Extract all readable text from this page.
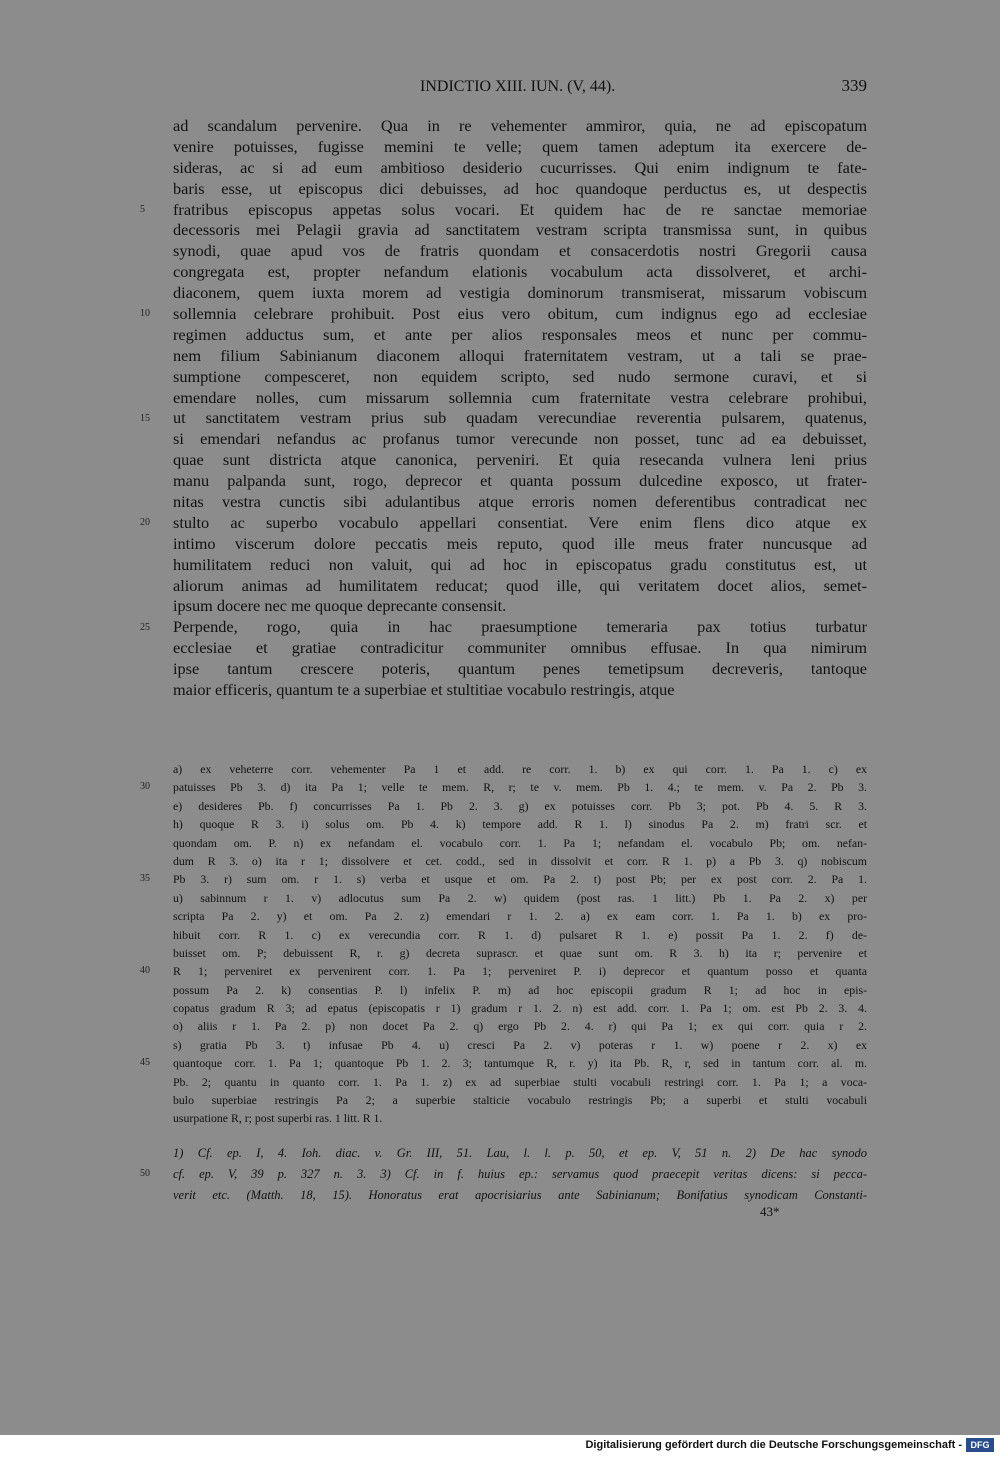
INDICTIO XIII. IUN. (V, 44).	339
ad scandalum pervenire. Qua in re vehementer ammiror, quia, ne ad episcopatum
venire potuisses, fugisse memini te velle; quem tamen adeptum ita exercere de-
sideras, ac si ad eum ambitioso desiderio cucurrisses. Qui enim indignum te fate-
baris esse, ut episcopus dici debuisses, ad hoc quandoque perductus es, ut despectis
fratribus episcopus appetas solus vocari. Et quidem hac de re sanctae memoriae
decessoris mei Pelagii gravia ad sanctitatem vestram scripta transmissa sunt, in quibus
synodi, quae apud vos de fratris quondam et consacerdotis nostri Gregorii causa
congregata est, propter nefandum elationis vocabulum acta dissolveret, et archi-
diaconem, quem iuxta morem ad vestigia dominorum transmiserat, missarum vobiscum
sollemnia celebrare prohibuit. Post eius vero obitum, cum indignus ego ad ecclesiae
regimen adductus sum, et ante per alios responsales meos et nunc per commu-
nem filium Sabinianum diaconem alloqui fraternitatem vestram, ut a tali se prae-
sumptione compesceret, non equidem scripto, sed nudo sermone curavi, et si
emendare nolles, cum missarum sollemnia cum fraternitate vestra celebrare prohibui,
ut sanctitatem vestram prius sub quadam verecundiae reverentia pulsarem, quatenus,
si emendari nefandus ac profanus tumor verecunde non posset, tunc ad ea debuisset,
quae sunt districta atque canonica, perveniri. Et quia resecanda vulnera leni prius
manu palpanda sunt, rogo, deprecor et quanta possum dulcedine exposco, ut frater-
nitas vestra cunctis sibi adulantibus atque erroris nomen deferentibus contradicat nec
stulto ac superbo vocabulo appellari consentiat. Vere enim flens dico atque ex
intimo viscerum dolore peccatis meis reputo, quod ille meus frater nuncusque ad
humilitatem reduci non valuit, qui ad hoc in episcopatus gradu constitutus est, ut
aliorum animas ad humilitatem reducat; quod ille, qui veritatem docet alios, semet-
ipsum docere nec me quoque deprecante consensit.
Perpende, rogo, quia in hac praesumptione temeraria pax totius turbatur
ecclesiae et gratiae contradicitur communiter omnibus effusae. In qua nimirum
ipse tantum crescere poteris, quantum penes temetipsum decreveris, tantoque
maior efficeris, quantum te a superbiae et stultitiae vocabulo restringis, atque
5
10
15
20
25
a) ex veheterre corr. vehementer Pa 1 et add. re corr. 1. b) ex qui corr. 1. Pa 1. c) ex
patuisses Pb 3. d) ita Pa 1; velle te mem. R, r; te v. mem. Pb 1. 4.; te mem. v. Pa 2. Pb 3.
e) desideres Pb. f) concurrisses Pa 1. Pb 2. 3. g) ex potuisses corr. Pb 3; pot. Pb 4. 5. R 3.
h) quoque R 3. i) solus om. Pb 4. k) tempore add. R 1. l) sinodus Pa 2. m) fratri scr. et
quondam om. P. n) ex nefandam el. vocabulo corr. 1. Pa 1; nefandam el. vocabulo Pb; om. nefan-
dum R 3. o) ita r 1; dissolvere et cet. codd., sed in dissolvit et corr. R 1. p) a Pb 3. q) nobiscum
Pb 3. r) sum om. r 1. s) verba et usque et om. Pa 2. t) post Pb; per ex post corr. 2. Pa 1.
u) sabinnum r 1. v) adlocutus sum Pa 2. w) quidem (post ras. 1 litt.) Pb 1. Pa 2. x) per
scripta Pa 2. y) et om. Pa 2. z) emendari r 1. 2. a) ex eam corr. 1. Pa 1. b) ex pro-
hibuit corr. R 1. c) ex verecundia corr. R 1. d) pulsaret R 1. e) possit Pa 1. 2. f) de-
buisset om. P; debuissent R, r. g) decreta suprascr. et quae sunt om. R 3. h) ita r; pervenire et
R 1; perveniret ex pervenirent corr. 1. Pa 1; perveniret P. i) deprecor et quantum posso et quanta
possum Pa 2. k) consentias P. l) infelix P. m) ad hoc episcopii gradum R 1; ad hoc in epis-
copatus gradum R 3; ad epatus (episcopatis r 1) gradum r 1. 2. n) est add. corr. 1. Pa 1; om. est Pb 2. 3. 4.
o) aliis r 1. Pa 2. p) non docet Pa 2. q) ergo Pb 2. 4. r) qui Pa 1; ex qui corr. quia r 2.
s) gratia Pb 3. t) infusae Pb 4. u) cresci Pa 2. v) poteras r 1. w) poene r 2. x) ex
quantoque corr. 1. Pa 1; quantoque Pb 1. 2. 3; tantumque R, r. y) ita Pb. R, r, sed in tantum corr. al. m.
Pb. 2; quantu in quanto corr. 1. Pa 1. z) ex ad superbiae stulti vocabuli restringi corr. 1. Pa 1; a voca-
bulo superbiae restringis Pa 2; a superbie stalticie vocabulo restringis Pb; a superbi et stulti vocabuli
usurpatione R, r; post superbi ras. 1 litt. R 1.
30
35
40
45
1) Cf. ep. I, 4. Ioh. diac. v. Gr. III, 51. Lau, l. l. p. 50, et ep. V, 51 n. 2) De hac synodo
cf. ep. V, 39 p. 327 n. 3. 3) Cf. in f. huius ep.: servamus quod praecepit veritas dicens: si pecca-
verit etc. (Matth. 18, 15). Honoratus erat apocrisiarius ante Sabinianum; Bonifatius synodicam Constanti-
50
43*
Digitalisierung gefördert durch die Deutsche Forschungsgemeinschaft - DFG
